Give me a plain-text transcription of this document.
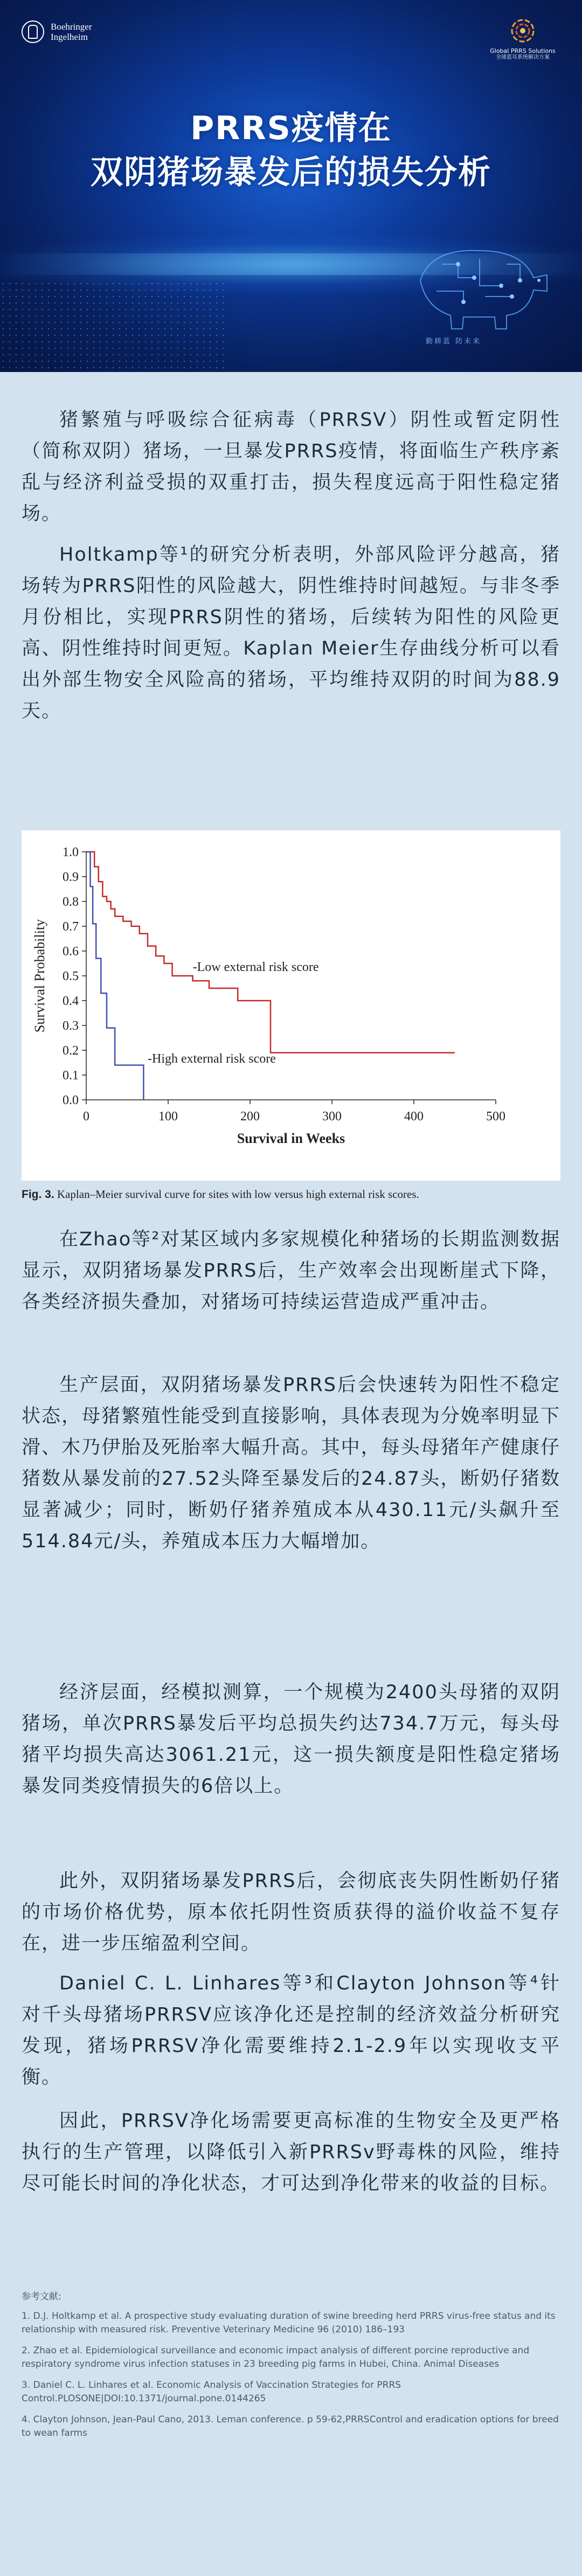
Boehringer
Ingelheim
Global PRRS Solutions
全球蓝耳系统解决方案
PRRS疫情在
双阴猪场暴发后的损失分析
勤耕蓝 防未来

猪繁殖与呼吸综合征病毒（PRRSV）阴性或暂定阴性（简称双阴）猪场，一旦暴发PRRS疫情，将面临生产秩序紊乱与经济利益受损的双重打击，损失程度远高于阳性稳定猪场。

Holtkamp等¹的研究分析表明，外部风险评分越高，猪场转为PRRS阳性的风险越大，阴性维持时间越短。与非冬季月份相比，实现PRRS阴性的猪场，后续转为阳性的风险更高、阴性维持时间更短。Kaplan Meier生存曲线分析可以看出外部生物安全风险高的猪场，平均维持双阴的时间为88.9天。

0	100	200	300	400	500
0.0
0.1
0.2
0.3
0.4
0.5
0.6
0.7
0.8
0.9
1.0
Survival in Weeks
Survival Probability	-Low external risk score
-High external risk score
Fig. 3. Kaplan–Meier survival curve for sites with low versus high external risk scores.

在Zhao等²对某区域内多家规模化种猪场的长期监测数据显示，双阴猪场暴发PRRS后，生产效率会出现断崖式下降，各类经济损失叠加，对猪场可持续运营造成严重冲击。

生产层面，双阴猪场暴发PRRS后会快速转为阳性不稳定状态，母猪繁殖性能受到直接影响，具体表现为分娩率明显下滑、木乃伊胎及死胎率大幅升高。其中，每头母猪年产健康仔猪数从暴发前的27.52头降至暴发后的24.87头，断奶仔猪数显著减少；同时，断奶仔猪养殖成本从430.11元/头飙升至514.84元/头，养殖成本压力大幅增加。

经济层面，经模拟测算，一个规模为2400头母猪的双阴猪场，单次PRRS暴发后平均总损失约达734.7万元，每头母猪平均损失高达3061.21元，这一损失额度是阳性稳定猪场暴发同类疫情损失的6倍以上。

此外，双阴猪场暴发PRRS后，会彻底丧失阴性断奶仔猪的市场价格优势，原本依托阴性资质获得的溢价收益不复存在，进一步压缩盈利空间。

Daniel C. L. Linhares等³和Clayton Johnson等⁴针对千头母猪场PRRSV应该净化还是控制的经济效益分析研究发现，猪场PRRSV净化需要维持2.1-2.9年以实现收支平衡。

因此，PRRSV净化场需要更高标准的生物安全及更严格执行的生产管理，以降低引入新PRRSv野毒株的风险，维持尽可能长时间的净化状态，才可达到净化带来的收益的目标。

参考文献:

1. D.J. Holtkamp et al. A prospective study evaluating duration of swine breeding herd PRRS virus-free status and its relationship with measured risk. Preventive Veterinary Medicine 96 (2010) 186–193

2. Zhao et al. Epidemiological surveillance and economic impact analysis of different porcine reproductive and respiratory syndrome virus infection statuses in 23 breeding pig farms in Hubei, China. Animal Diseases

3. Daniel C. L. Linhares et al. Economic Analysis of Vaccination Strategies for PRRS Control.PLOSONE|DOI:10.1371/journal.pone.0144265

4. Clayton Johnson, Jean-Paul Cano, 2013. Leman conference. p 59-62,PRRSControl and eradication options for breed to wean farms
